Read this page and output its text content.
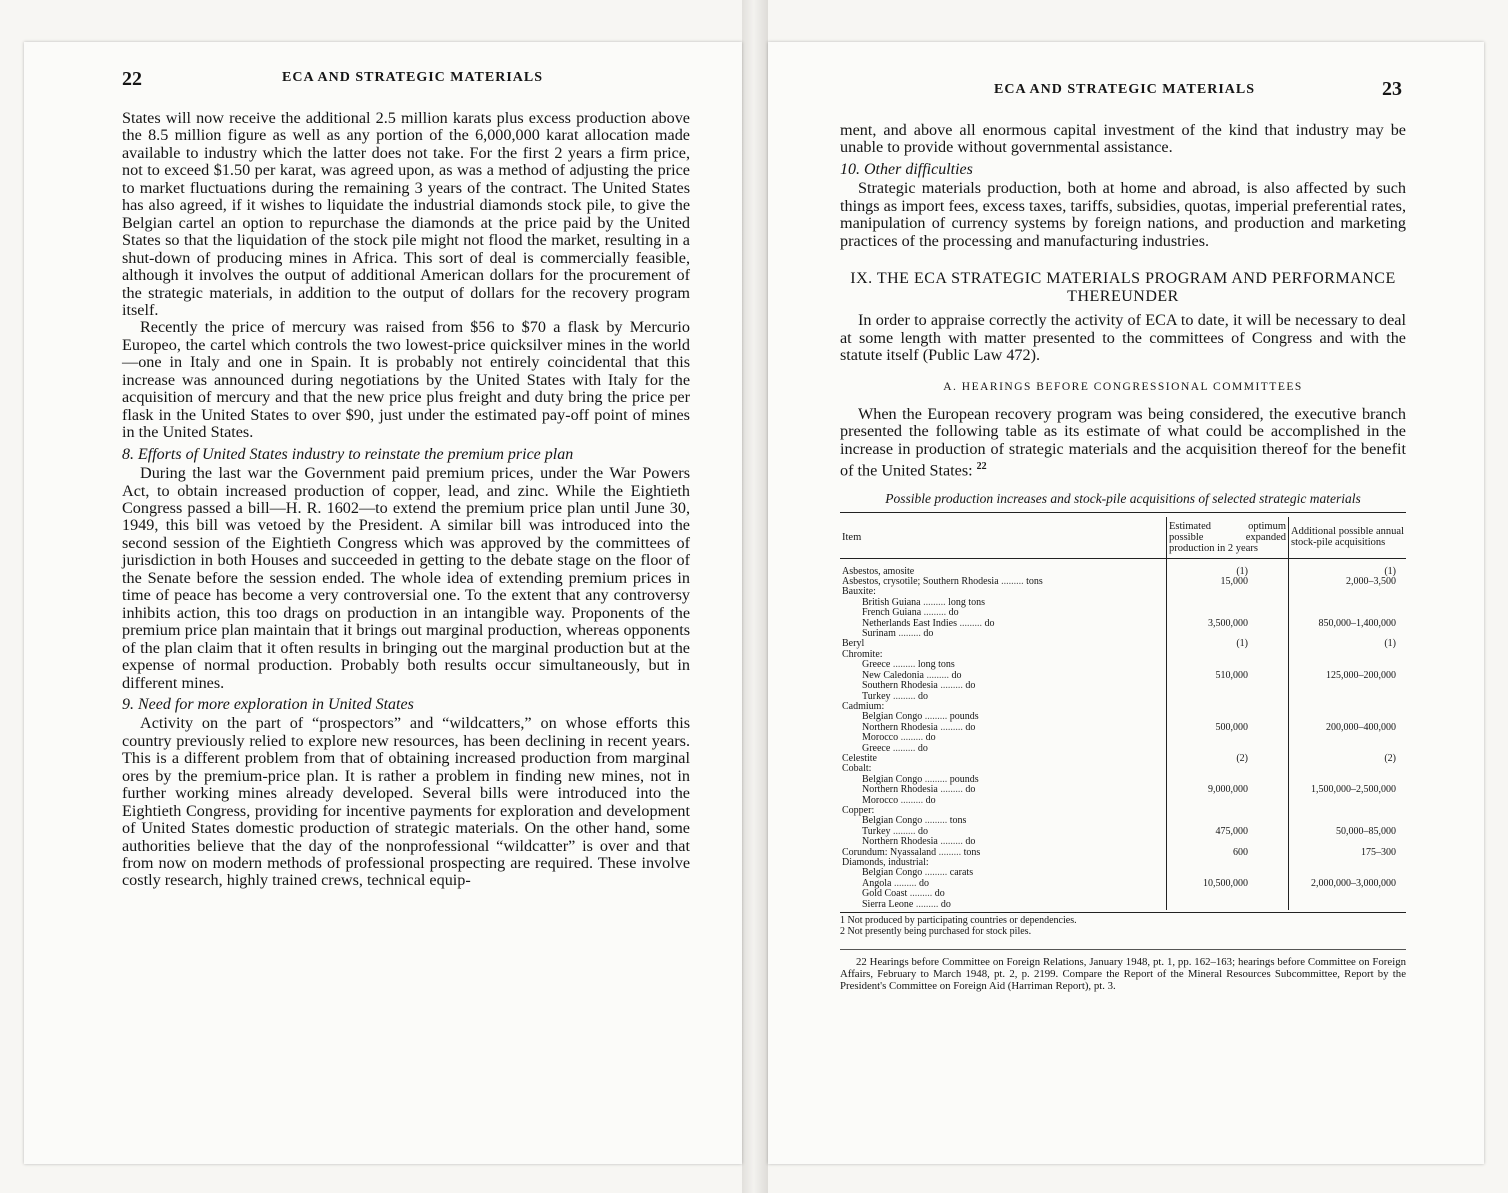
22	ECA AND STRATEGIC MATERIALS

States will now receive the additional 2.5 million karats plus excess production above the 8.5 million figure as well as any portion of the 6,000,000 karat allocation made available to industry which the latter does not take. For the first 2 years a firm price, not to exceed $1.50 per karat, was agreed upon, as was a method of adjusting the price to market fluctuations during the remaining 3 years of the contract. The United States has also agreed, if it wishes to liquidate the industrial diamonds stock pile, to give the Belgian cartel an option to repurchase the diamonds at the price paid by the United States so that the liquidation of the stock pile might not flood the market, resulting in a shut-down of producing mines in Africa. This sort of deal is commercially feasible, although it involves the output of additional American dollars for the procurement of the strategic materials, in addition to the output of dollars for the recovery program itself.

Recently the price of mercury was raised from $56 to $70 a flask by Mercurio Europeo, the cartel which controls the two lowest-price quicksilver mines in the world—one in Italy and one in Spain. It is probably not entirely coincidental that this increase was announced during negotiations by the United States with Italy for the acquisition of mercury and that the new price plus freight and duty bring the price per flask in the United States to over $90, just under the estimated pay-off point of mines in the United States.

8. Efforts of United States industry to reinstate the premium price plan

During the last war the Government paid premium prices, under the War Powers Act, to obtain increased production of copper, lead, and zinc. While the Eightieth Congress passed a bill—H. R. 1602—to extend the premium price plan until June 30, 1949, this bill was vetoed by the President. A similar bill was introduced into the second session of the Eightieth Congress which was approved by the committees of jurisdiction in both Houses and succeeded in getting to the debate stage on the floor of the Senate before the session ended. The whole idea of extending premium prices in time of peace has become a very controversial one. To the extent that any controversy inhibits action, this too drags on production in an intangible way. Proponents of the premium price plan maintain that it brings out marginal production, whereas opponents of the plan claim that it often results in bringing out the marginal production but at the expense of normal production. Probably both results occur simultaneously, but in different mines.

9. Need for more exploration in United States

Activity on the part of “prospectors” and “wildcatters,” on whose efforts this country previously relied to explore new resources, has been declining in recent years. This is a different problem from that of obtaining increased production from marginal ores by the premium-price plan. It is rather a problem in finding new mines, not in further working mines already developed. Several bills were introduced into the Eightieth Congress, providing for incentive payments for exploration and development of United States domestic production of strategic materials. On the other hand, some authorities believe that the day of the nonprofessional “wildcatter” is over and that from now on modern methods of professional prospecting are required. These involve costly research, highly trained crews, technical equip-

ECA AND STRATEGIC MATERIALS	23

ment, and above all enormous capital investment of the kind that industry may be unable to provide without governmental assistance.

10. Other difficulties

Strategic materials production, both at home and abroad, is also affected by such things as import fees, excess taxes, tariffs, subsidies, quotas, imperial preferential rates, manipulation of currency systems by foreign nations, and production and marketing practices of the processing and manufacturing industries.

IX. THE ECA STRATEGIC MATERIALS PROGRAM AND PERFORMANCE THEREUNDER

In order to appraise correctly the activity of ECA to date, it will be necessary to deal at some length with matter presented to the committees of Congress and with the statute itself (Public Law 472).

A. HEARINGS BEFORE CONGRESSIONAL COMMITTEES

When the European recovery program was being considered, the executive branch presented the following table as its estimate of what could be accomplished in the increase in production of strategic materials and the acquisition thereof for the benefit of the United States: $^{22}$

Possible production increases and stock-pile acquisitions of selected strategic materials
Item	Estimated optimum possible expanded production in 2 years	Additional possible annual stock-pile acquisitions

Asbestos, amosite	(1)	(1)
Asbestos, crysotile; Southern Rhodesia ......... tons	15,000	2,000–3,500
Bauxite:		
British Guiana ......... long tons		
French Guiana ......... do		
Netherlands East Indies ......... do	3,500,000	850,000–1,400,000
Surinam ......... do		
Beryl	(1)	(1)
Chromite:		
Greece ......... long tons		
New Caledonia ......... do	510,000	125,000–200,000
Southern Rhodesia ......... do		
Turkey ......... do		
Cadmium:		
Belgian Congo ......... pounds		
Northern Rhodesia ......... do	500,000	200,000–400,000
Morocco ......... do		
Greece ......... do		
Celestite	(2)	(2)
Cobalt:		
Belgian Congo ......... pounds		
Northern Rhodesia ......... do	9,000,000	1,500,000–2,500,000
Morocco ......... do		
Copper:		
Belgian Congo ......... tons		
Turkey ......... do	475,000	50,000–85,000
Northern Rhodesia ......... do		
Corundum: Nyassaland ......... tons	600	175–300
Diamonds, industrial:		
Belgian Congo ......... carats		
Angola ......... do	10,500,000	2,000,000–3,000,000
Gold Coast ......... do		
Sierra Leone ......... do		
1 Not produced by participating countries or dependencies.
2 Not presently being purchased for stock piles.
22 Hearings before Committee on Foreign Relations, January 1948, pt. 1, pp. 162–163; hearings before Committee on Foreign Affairs, February to March 1948, pt. 2, p. 2199. Compare the Report of the Mineral Resources Subcommittee, Report by the President's Committee on Foreign Aid (Harriman Report), pt. 3.
